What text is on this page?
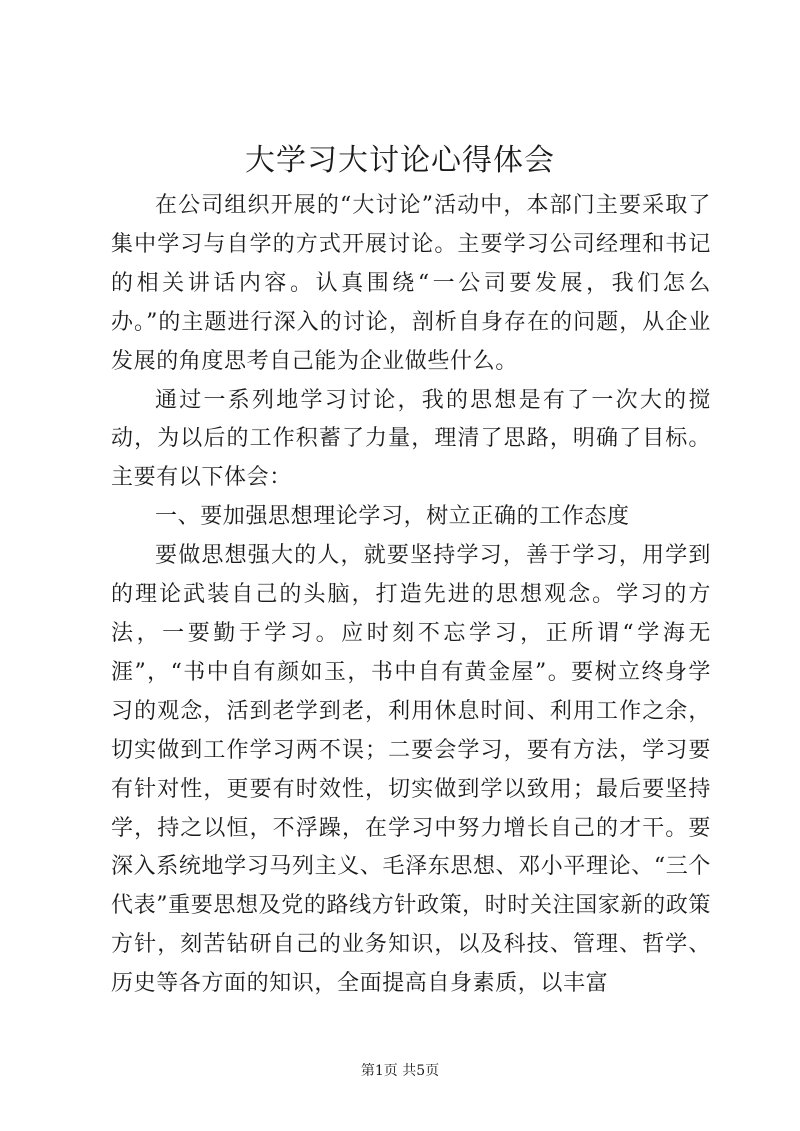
大学习大讨论心得体会

在公司组织开展的“大讨论”活动中，本部门主要采取了集中学习与自学的方式开展讨论。主要学习公司经理和书记的相关讲话内容。认真围绕“一公司要发展，我们怎么办。”的主题进行深入的讨论，剖析自身存在的问题，从企业发展的角度思考自己能为企业做些什么。

通过一系列地学习讨论，我的思想是有了一次大的搅动，为以后的工作积蓄了力量，理清了思路，明确了目标。主要有以下体会：

一、要加强思想理论学习，树立正确的工作态度

要做思想强大的人，就要坚持学习，善于学习，用学到的理论武装自己的头脑，打造先进的思想观念。学习的方法，一要勤于学习。应时刻不忘学习，正所谓“学海无涯”，“书中自有颜如玉，书中自有黄金屋”。要树立终身学习的观念，活到老学到老，利用休息时间、利用工作之余，切实做到工作学习两不误；二要会学习，要有方法，学习要有针对性，更要有时效性，切实做到学以致用；最后要坚持学，持之以恒，不浮躁，在学习中努力增长自己的才干。要深入系统地学习马列主义、毛泽东思想、邓小平理论、“三个代表”重要思想及党的路线方针政策，时时关注国家新的政策方针，刻苦钻研自己的业务知识，以及科技、管理、哲学、历史等各方面的知识，全面提高自身素质，以丰富

第1页 共5页
